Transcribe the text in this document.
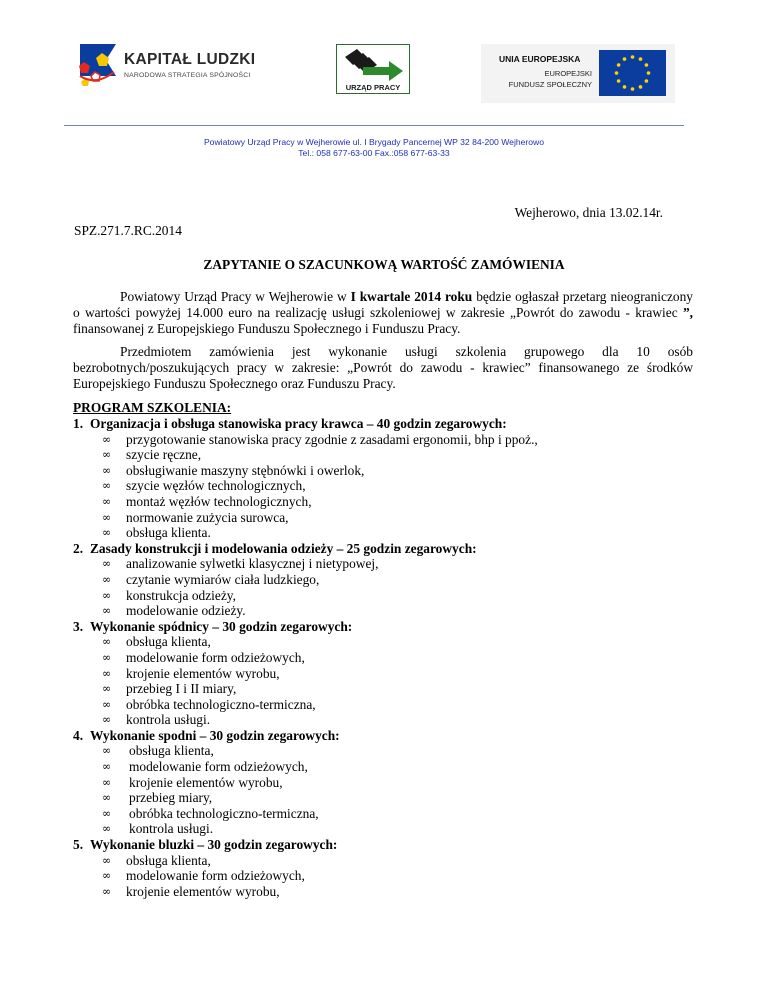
KAPITAŁ LUDZKI
NARODOWA STRATEGIA SPÓJNOŚCI
URZĄD PRACY
UNIA EUROPEJSKA
EUROPEJSKI
FUNDUSZ SPOŁECZNY
Powiatowy Urząd Pracy w Wejherowie ul. I Brygady Pancernej WP 32 84-200 Wejherowo
Tel.: 058 677-63-00 Fax.:058 677-63-33
Wejherowo, dnia 13.02.14r.
SPZ.271.7.RC.2014
ZAPYTANIE O SZACUNKOWĄ WARTOŚĆ ZAMÓWIENIA
Powiatowy Urząd Pracy w Wejherowie w I kwartale 2014 roku będzie ogłaszał przetarg nieograniczony o wartości powyżej 14.000 euro na realizację usługi szkoleniowej w zakresie „Powrót do zawodu - krawiec ”, finansowanej z Europejskiego Funduszu Społecznego i Funduszu Pracy.
Przedmiotem zamówienia jest wykonanie usługi szkolenia grupowego dla 10 osób bezrobotnych/poszukujących pracy w zakresie: „Powrót do zawodu - krawiec” finansowanego ze środków Europejskiego Funduszu Społecznego oraz Funduszu Pracy.
PROGRAM SZKOLENIA:
1. Organizacja i obsługa stanowiska pracy krawca – 40 godzin zegarowych:
∞ przygotowanie stanowiska pracy zgodnie z zasadami ergonomii, bhp i ppoż.,
∞ szycie ręczne,
∞ obsługiwanie maszyny stębnówki i owerlok,
∞ szycie węzłów technologicznych,
∞ montaż węzłów technologicznych,
∞ normowanie zużycia surowca,
∞ obsługa klienta.
2. Zasady konstrukcji i modelowania odzieży – 25 godzin zegarowych:
∞ analizowanie sylwetki klasycznej i nietypowej,
∞ czytanie wymiarów ciała ludzkiego,
∞ konstrukcja odzieży,
∞ modelowanie odzieży.
3. Wykonanie spódnicy – 30 godzin zegarowych:
∞ obsługa klienta,
∞ modelowanie form odzieżowych,
∞ krojenie elementów wyrobu,
∞ przebieg I i II miary,
∞ obróbka technologiczno-termiczna,
∞ kontrola usługi.
4. Wykonanie spodni – 30 godzin zegarowych:
∞ obsługa klienta,
∞ modelowanie form odzieżowych,
∞ krojenie elementów wyrobu,
∞ przebieg miary,
∞ obróbka technologiczno-termiczna,
∞ kontrola usługi.
5. Wykonanie bluzki – 30 godzin zegarowych:
∞ obsługa klienta,
∞ modelowanie form odzieżowych,
∞ krojenie elementów wyrobu,
